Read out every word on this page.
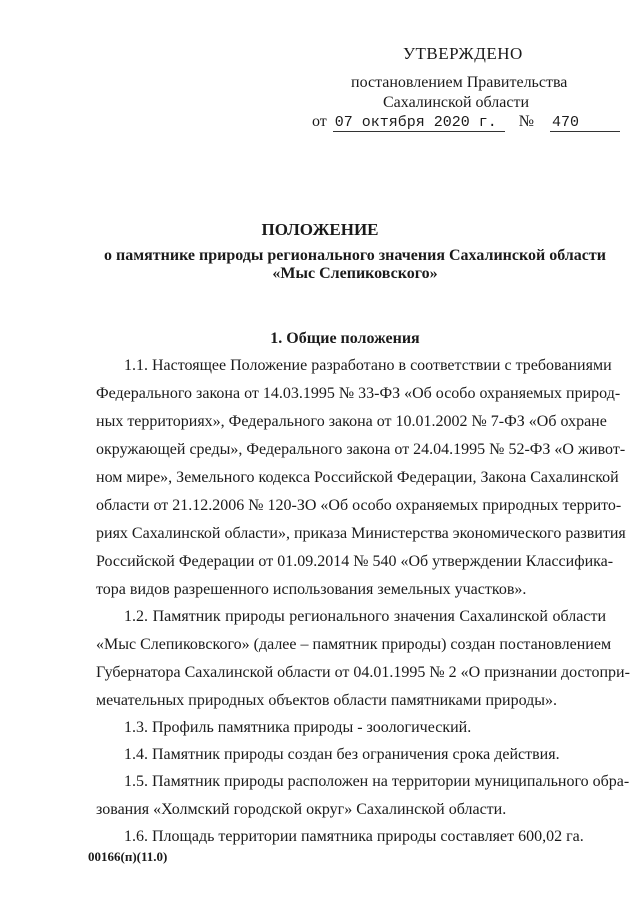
УТВЕРЖДЕНО
постановлением Правительства
Сахалинской области
от 07 октября 2020 г. № 470
ПОЛОЖЕНИЕ
о памятнике природы регионального значения Сахалинской области
«Мыс Слепиковского»
1. Общие положения
1.1. Настоящее Положение разработано в соответствии с требованиями
Федерального закона от 14.03.1995 № 33-ФЗ «Об особо охраняемых природ-
ных территориях», Федерального закона от 10.01.2002 № 7-ФЗ «Об охране
окружающей среды», Федерального закона от 24.04.1995 № 52-ФЗ «О живот-
ном мире», Земельного кодекса Российской Федерации, Закона Сахалинской
области от 21.12.2006 № 120-ЗО «Об особо охраняемых природных террито-
риях Сахалинской области», приказа Министерства экономического развития
Российской Федерации от 01.09.2014 № 540 «Об утверждении Классифика-
тора видов разрешенного использования земельных участков».
1.2. Памятник природы регионального значения Сахалинской области
«Мыс Слепиковского» (далее – памятник природы) создан постановлением
Губернатора Сахалинской области от 04.01.1995 № 2 «О признании достопри-
мечательных природных объектов области памятниками природы».
1.3. Профиль памятника природы - зоологический.
1.4. Памятник природы создан без ограничения срока действия.
1.5. Памятник природы расположен на территории муниципального обра-
зования «Холмский городской округ» Сахалинской области.
1.6. Площадь территории памятника природы составляет 600,02 га.
00166(п)(11.0)
